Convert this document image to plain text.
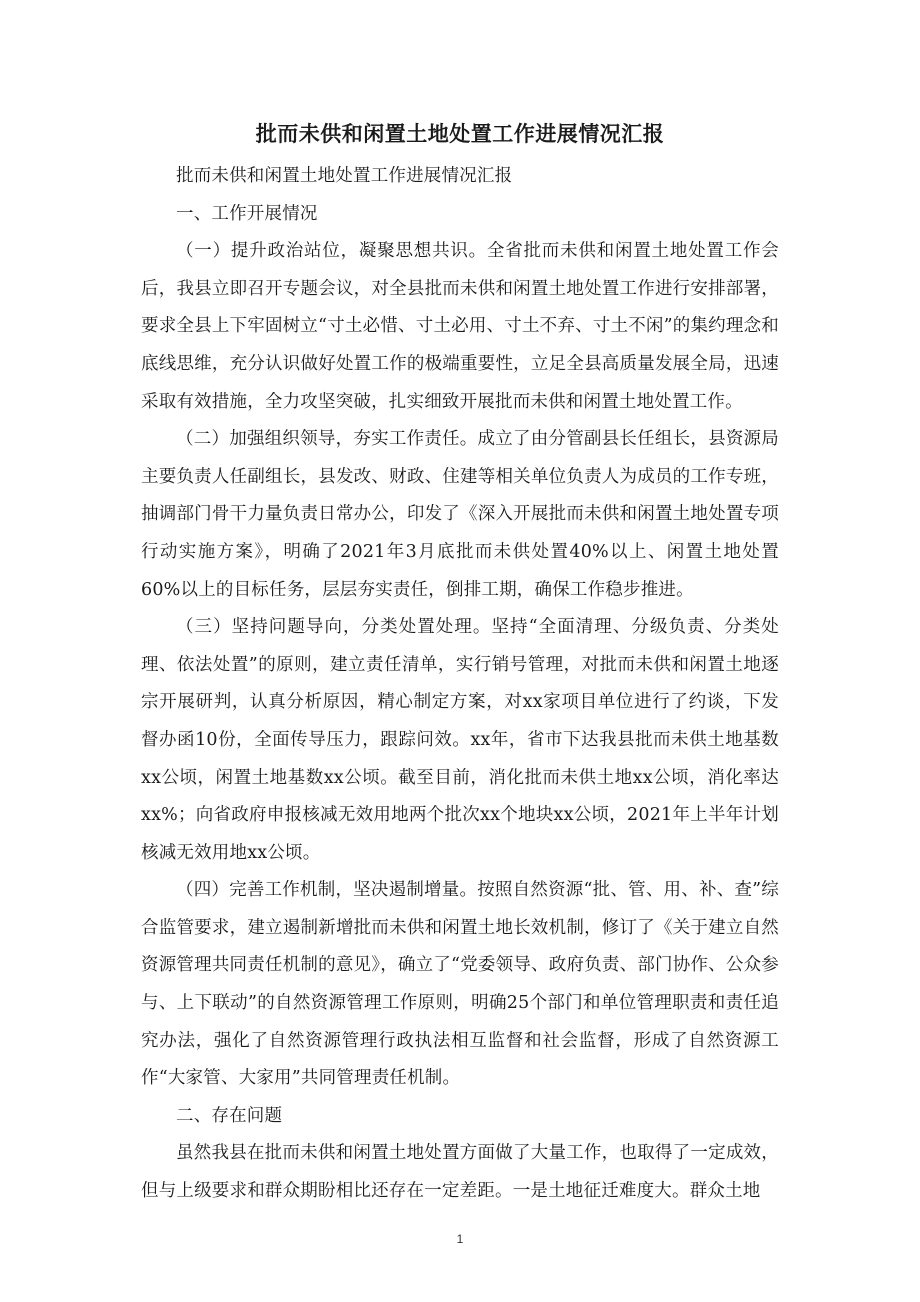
批而未供和闲置土地处置工作进展情况汇报

批而未供和闲置土地处置工作进展情况汇报

一、工作开展情况

（一）提升政治站位，凝聚思想共识。全省批而未供和闲置土地处置工作会后，我县立即召开专题会议，对全县批而未供和闲置土地处置工作进行安排部署，要求全县上下牢固树立“寸土必惜、寸土必用、寸土不弃、寸土不闲”的集约理念和底线思维，充分认识做好处置工作的极端重要性，立足全县高质量发展全局，迅速采取有效措施，全力攻坚突破，扎实细致开展批而未供和闲置土地处置工作。

（二）加强组织领导，夯实工作责任。成立了由分管副县长任组长，县资源局主要负责人任副组长，县发改、财政、住建等相关单位负责人为成员的工作专班，抽调部门骨干力量负责日常办公，印发了《深入开展批而未供和闲置土地处置专项行动实施方案》，明确了2021年3月底批而未供处置40%以上、闲置土地处置60%以上的目标任务，层层夯实责任，倒排工期，确保工作稳步推进。

（三）坚持问题导向，分类处置处理。坚持“全面清理、分级负责、分类处理、依法处置”的原则，建立责任清单，实行销号管理，对批而未供和闲置土地逐宗开展研判，认真分析原因，精心制定方案，对xx家项目单位进行了约谈，下发督办函10份，全面传导压力，跟踪问效。xx年，省市下达我县批而未供土地基数xx公顷，闲置土地基数xx公顷。截至目前，消化批而未供土地xx公顷，消化率达xx%；向省政府申报核减无效用地两个批次xx个地块xx公顷，2021年上半年计划核减无效用地xx公顷。

（四）完善工作机制，坚决遏制增量。按照自然资源“批、管、用、补、查”综合监管要求，建立遏制新增批而未供和闲置土地长效机制，修订了《关于建立自然资源管理共同责任机制的意见》，确立了“党委领导、政府负责、部门协作、公众参与、上下联动”的自然资源管理工作原则，明确25个部门和单位管理职责和责任追究办法，强化了自然资源管理行政执法相互监督和社会监督，形成了自然资源工作“大家管、大家用”共同管理责任机制。

二、存在问题

虽然我县在批而未供和闲置土地处置方面做了大量工作，也取得了一定成效，但与上级要求和群众期盼相比还存在一定差距。一是土地征迁难度大。群众土地

1
